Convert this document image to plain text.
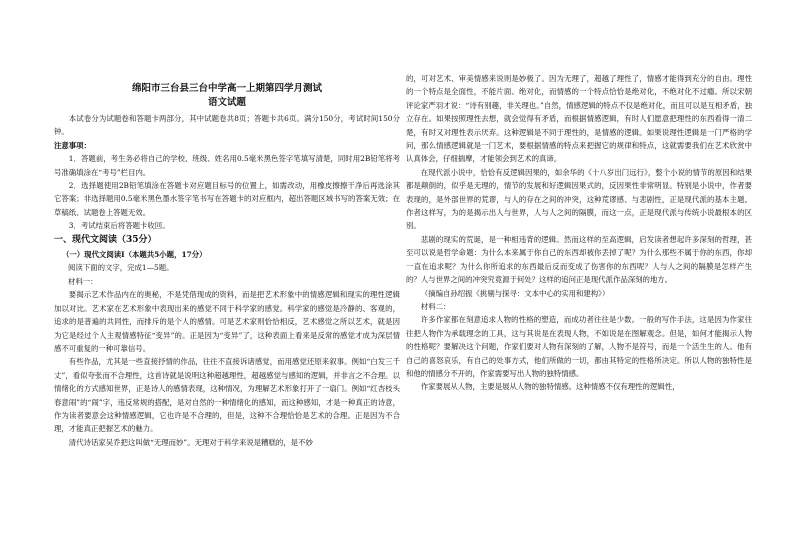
绵阳市三台县三台中学高一上期第四学月测试
语文试题

本试卷分为试题卷和答题卡两部分，其中试题卷共8页；答题卡共6页。满分150分，考试时间150分钟。

注意事项：

1．答题前，考生务必将自己的学校、班级、姓名用0.5毫米黑色签字笔填写清楚，同时用2B铅笔将考号准确填涂在“考号”栏目内。

2．选择题使用2B铅笔填涂在答题卡对应题目标号的位置上，如需改动，用橡皮擦擦干净后再选涂其它答案；非选择题用0.5毫米黑色墨水签字笔书写在答题卡的对应框内，超出答题区域书写的答案无效；在草稿纸、试题卷上答题无效。

3．考试结束后将答题卡收回。

一、现代文阅读（35分）

（一）现代文阅读Ⅰ（本题共5小题，17分）

阅读下面的文字，完成1—5题。

材料一：

要揭示艺术作品内在的奥秘，不是凭借现成的资料，而是把艺术形象中的情感逻辑和现实的理性逻辑加以对比。艺术家在艺术形象中表现出来的感觉不同于科学家的感觉。科学家的感觉是冷静的、客观的，追求的是普遍的共同性，而排斥的是个人的感情。可是艺术家则恰恰相反，艺术感觉之所以艺术，就是因为它是经过个人主观情感特征“变异”的。正是因为“变异”了，这种表面上看来是反常的感觉才成为深层情感不可重复的一种可靠信号。

有些作品，尤其是一些直接抒情的作品，往往不直接诉诸感觉，而用感觉还原来叙事。例如“白发三千丈”，看似夸张而不合理性，这首诗就是说明这种超越理性，超越感觉与感知的逻辑，并非言之不合理。以情绪化的方式感知世界，正是诗人的感情表现，这种情况，为理解艺术形象打开了一扇门。例如“红杏枝头春意闹”的“闹”字，违反常规的搭配，是对自然的一种情绪化的感知，而这种感知，才是一种真正的诗意，作为读者要意会这种情感逻辑，它也许是不合理的，但是，这种不合理恰恰是艺术的合理。正是因为不合理，才能真正把握艺术的魅力。

清代诗话家吴乔把这叫做“无理而妙”。无理对于科学来说是糟糕的，是不妙

的，可对艺术、审美情感来说则是妙极了。因为无理了，超越了理性了，情感才能得到充分的自由。理性的一个特点是全面性，不能片面、绝对化，而情感的一个特点恰恰是绝对化，不绝对化不过瘾。所以宋朝评论家严羽才说：“诗有别趣，非关理也。”自然，情感逻辑的特点不仅是绝对化，而且可以是互相矛盾，独立存在。如果按照理性去想，就会觉得有矛盾，而根据情感逻辑，有时人们愿意把理性的东西看得一清二楚，有时又对理性表示厌弃。这种逻辑是不同于理性的，是情感的逻辑。如果说理性逻辑是一门严格的学问，那么情感逻辑就是一门艺术，要根据情感的特点来把握它的规律和特点，这就需要我们在艺术欣赏中认真体会，仔细揣摩，才能领会到艺术的真谛。

在现代派小说中，恰恰有反逻辑因果的，如余华的《十八岁出门远行》，整个小说的情节的原因和结果都是颠倒的，似乎是无理的，情节的发展和好逻辑因果式的，反因果性非常明显。特别是小说中，作者要表现的，是外部世界的荒谬，与人的存在之间的冲突，这种荒谬感、与悲剧性，正是现代派的基本主题。作者这样写，为的是揭示出人与世界，人与人之间的隔膜，而这一点，正是现代派与传统小说最根本的区别。

悲剧的现实的荒诞，是一种相违背的逻辑。然而这样的至高逻辑，启发读者想起许多深刻的哲理，甚至可以说是哲学命题：为什么本来属于你自己的东西却被你丢掉了呢？为什么那些不属于你的东西，你却一直在追求呢？为什么你所追求的东西最后反而变成了伤害你的东西呢？人与人之间的隔膜是怎样产生的？人与世界之间的冲突究竟源于何处？这样的追问正是现代派作品深刻的地方。

（摘编自孙绍振《挑剔与探寻：文本中心的实用和建构》）

材料二：

许多作家都在刻意追求人物的性格的塑造，而成功者往往是少数。一般的写作手法，这是因为作家往往把人物作为承载理念的工具，这与其说是在表现人物，不如说是在图解观念。但是，如何才能揭示人物的性格呢？要解决这个问题，作家们要对人物有深刻的了解，人物不是符号，而是一个活生生的人。他有自己的喜怒哀乐，有自己的处事方式，他们所做的一切，都由其特定的性格所决定。所以人物的独特性是和他的情感分不开的，作家需要写出人物的独特情感。

作家要展从人物，主要是展从人物的独特情感。这种情感不仅有理性的逻辑性，
